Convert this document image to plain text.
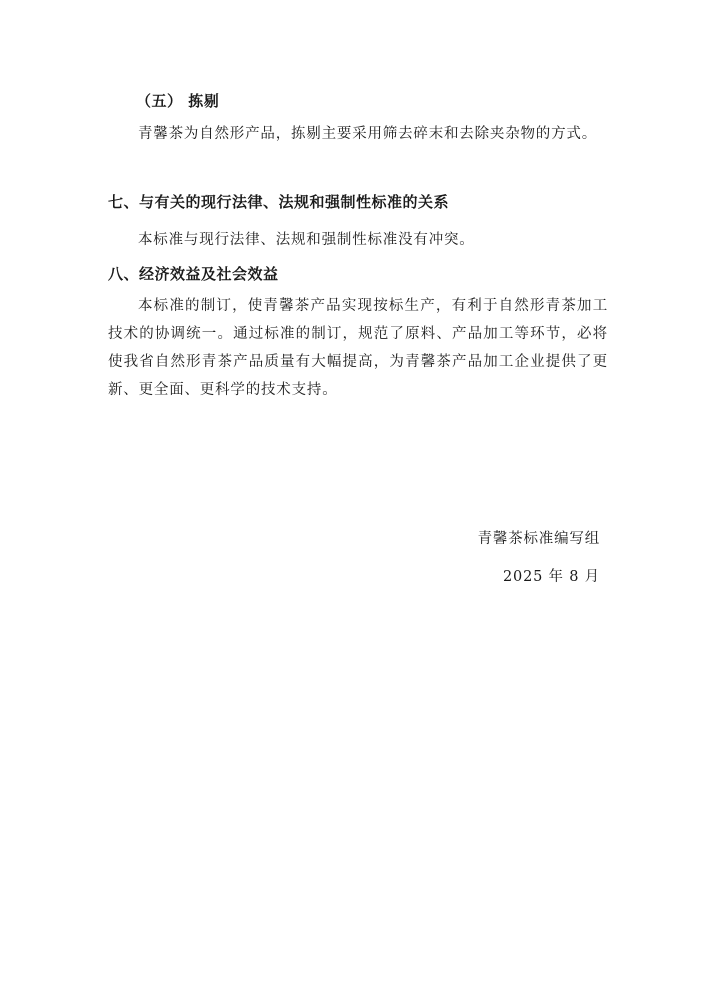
（五） 拣剔

青馨茶为自然形产品，拣剔主要采用筛去碎末和去除夹杂物的方式。

七、与有关的现行法律、法规和强制性标准的关系
本标准与现行法律、法规和强制性标准没有冲突。
八、经济效益及社会效益

本标准的制订，使青馨茶产品实现按标生产，有利于自然形青茶加工技术的协调统一。通过标准的制订，规范了原料、产品加工等环节，必将使我省自然形青茶产品质量有大幅提高，为青馨茶产品加工企业提供了更新、更全面、更科学的技术支持。

青馨茶标准编写组
2025 年 8 月
